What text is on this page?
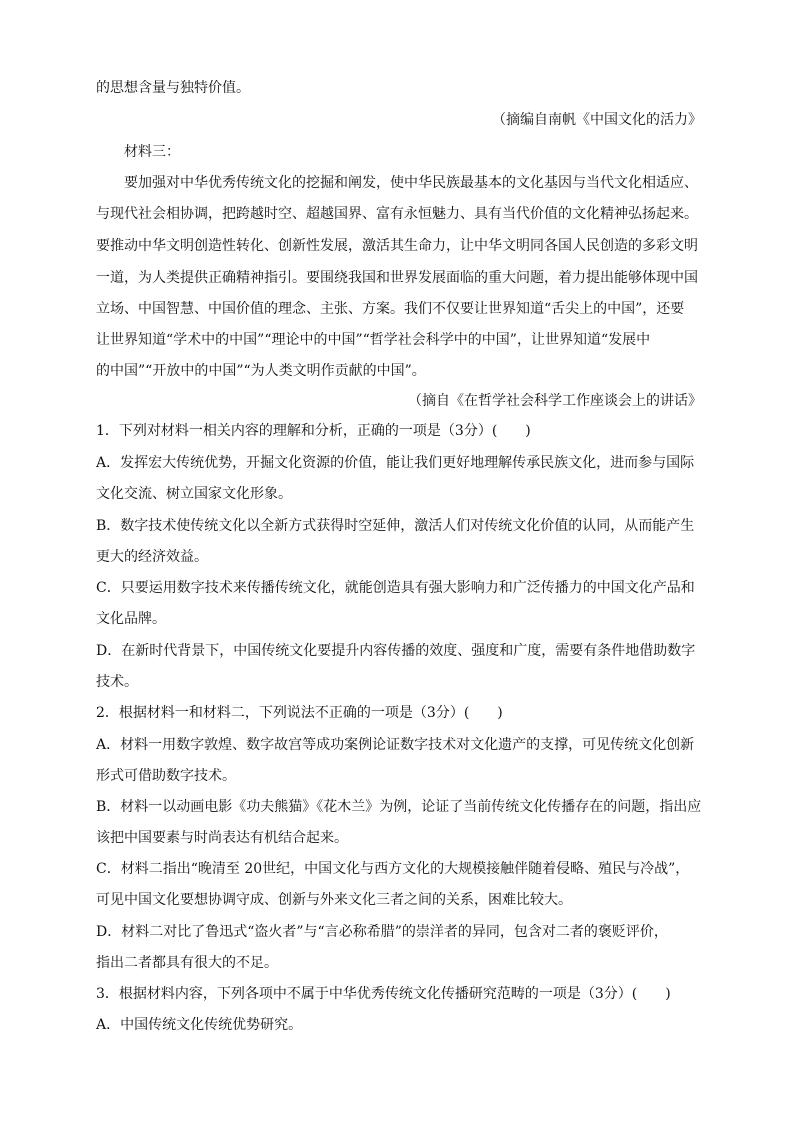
的思想含量与独特价值。
（摘编自南帆《中国文化的活力》
材料三：
要加强对中华优秀传统文化的挖掘和阐发，使中华民族最基本的文化基因与当代文化相适应、
与现代社会相协调，把跨越时空、超越国界、富有永恒魅力、具有当代价值的文化精神弘扬起来。
要推动中华文明创造性转化、创新性发展，激活其生命力，让中华文明同各国人民创造的多彩文明
一道，为人类提供正确精神指引。要围绕我国和世界发展面临的重大问题，着力提出能够体现中国
立场、中国智慧、中国价值的理念、主张、方案。我们不仅要让世界知道“舌尖上的中国”，还要
让世界知道“学术中的中国”“理论中的中国”“哲学社会科学中的中国”，让世界知道“发展中
的中国”“开放中的中国”“为人类文明作贡献的中国”。
（摘自《在哲学社会科学工作座谈会上的讲话》
1．下列对材料一相关内容的理解和分析，正确的一项是（3分）(　　)
A．发挥宏大传统优势，开掘文化资源的价值，能让我们更好地理解传承民族文化，进而参与国际
文化交流、树立国家文化形象。
B．数字技术使传统文化以全新方式获得时空延伸，激活人们对传统文化价值的认同，从而能产生
更大的经济效益。
C．只要运用数字技术来传播传统文化，就能创造具有强大影响力和广泛传播力的中国文化产品和
文化品牌。
D．在新时代背景下，中国传统文化要提升内容传播的效度、强度和广度，需要有条件地借助数字
技术。
2．根据材料一和材料二，下列说法不正确的一项是（3分）(　　)
A．材料一用数字敦煌、数字故宫等成功案例论证数字技术对文化遗产的支撑，可见传统文化创新
形式可借助数字技术。
B．材料一以动画电影《功夫熊猫》《花木兰》为例，论证了当前传统文化传播存在的问题，指出应
该把中国要素与时尚表达有机结合起来。
C．材料二指出“晚清至 20世纪，中国文化与西方文化的大规模接触伴随着侵略、殖民与冷战”，
可见中国文化要想协调守成、创新与外来文化三者之间的关系，困难比较大。
D．材料二对比了鲁迅式“盗火者”与“言必称希腊”的崇洋者的异同，包含对二者的褒贬评价，
指出二者都具有很大的不足。
3．根据材料内容，下列各项中不属于中华优秀传统文化传播研究范畴的一项是（3分）(　　)
A．中国传统文化传统优势研究。
